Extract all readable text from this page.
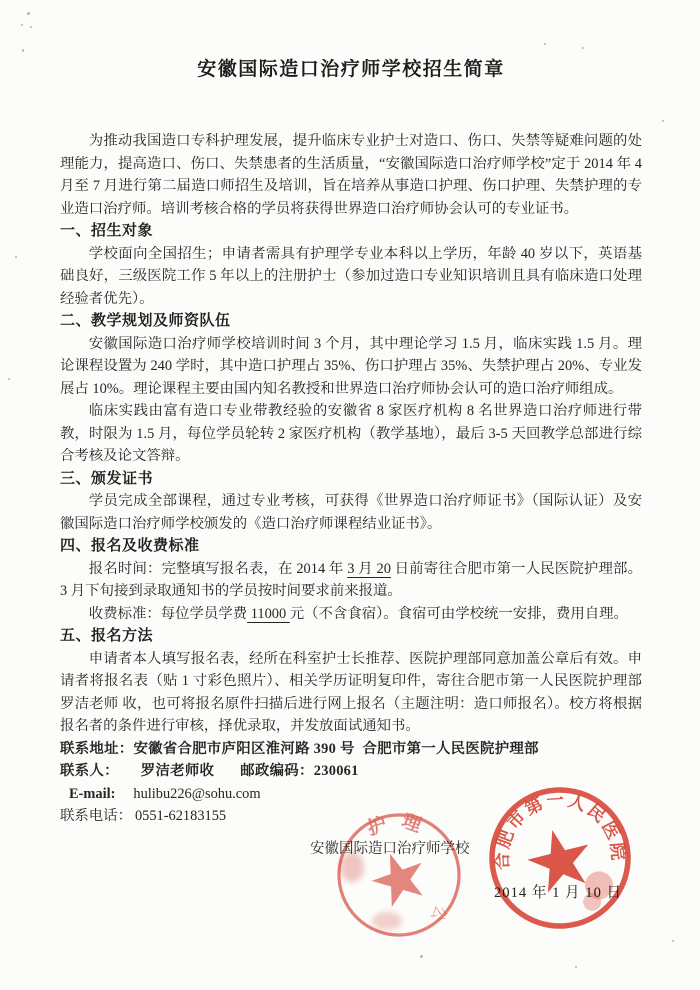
安徽国际造口治疗师学校招生简章

为推动我国造口专科护理发展，提升临床专业护士对造口、伤口、失禁等疑难问题的处理能力，提高造口、伤口、失禁患者的生活质量，“安徽国际造口治疗师学校”定于 2014 年 4 月至 7 月进行第二届造口师招生及培训，旨在培养从事造口护理、伤口护理、失禁护理的专业造口治疗师。培训考核合格的学员将获得世界造口治疗师协会认可的专业证书。

一、招生对象

学校面向全国招生；申请者需具有护理学专业本科以上学历，年龄 40 岁以下，英语基础良好，三级医院工作 5 年以上的注册护士（参加过造口专业知识培训且具有临床造口处理经验者优先）。

二、教学规划及师资队伍

安徽国际造口治疗师学校培训时间 3 个月，其中理论学习 1.5 月，临床实践 1.5 月。理论课程设置为 240 学时，其中造口护理占 35%、伤口护理占 35%、失禁护理占 20%、专业发展占 10%。理论课程主要由国内知名教授和世界造口治疗师协会认可的造口治疗师组成。

临床实践由富有造口专业带教经验的安徽省 8 家医疗机构 8 名世界造口治疗师进行带教，时限为 1.5 月，每位学员轮转 2 家医疗机构（教学基地），最后 3-5 天回教学总部进行综合考核及论文答辩。

三、颁发证书

学员完成全部课程，通过专业考核，可获得《世界造口治疗师证书》（国际认证）及安徽国际造口治疗师学校颁发的《造口治疗师课程结业证书》。

四、报名及收费标准

报名时间：完整填写报名表，在 2014 年 3 月 20 日前寄往合肥市第一人民医院护理部。3 月下旬接到录取通知书的学员按时间要求前来报道。

收费标准：每位学员学费 11000 元（不含食宿）。食宿可由学校统一安排，费用自理。

五、报名方法

申请者本人填写报名表，经所在科室护士长推荐、医院护理部同意加盖公章后有效。申请者将报名表（贴 1 寸彩色照片）、相关学历证明复印件，寄往合肥市第一人民医院护理部罗洁老师 收，也可将报名原件扫描后进行网上报名（主题注明：造口师报名）。校方将根据报名者的条件进行审核，择优录取，并发放面试通知书。

联系地址：安徽省合肥市庐阳区淮河路 390 号  合肥市第一人民医院护理部

联系人： 罗洁老师收 邮政编码：230061

E-mail: hulibu226@sohu.com

联系电话： 0551-62183155

安徽国际造口治疗师学校
2014 年 1 月 10 日
护理
公
合肥市第一人民医院
